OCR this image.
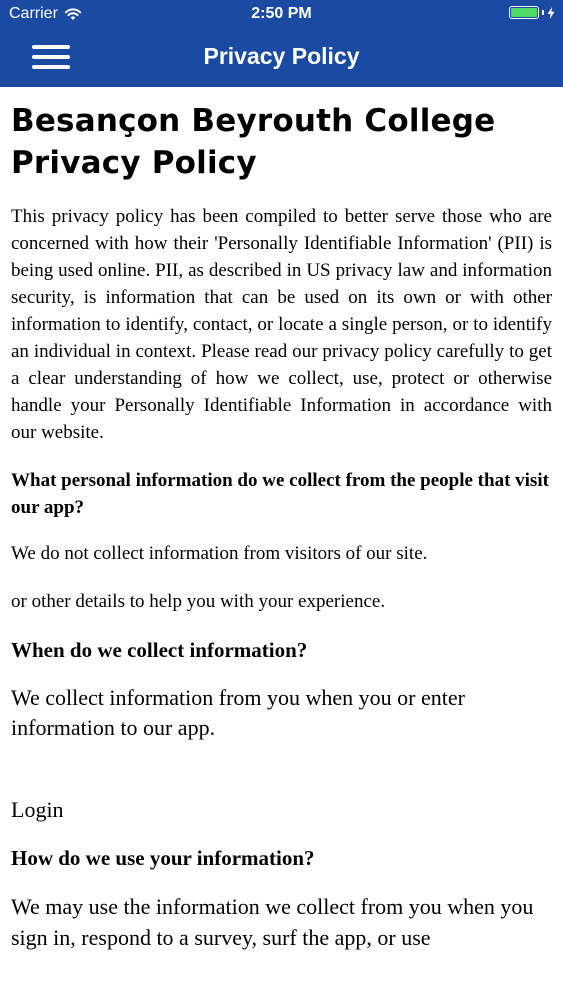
Carrier	2:50 PM
Privacy Policy
Besançon Beyrouth College Privacy Policy

This privacy policy has been compiled to better serve those who are concerned with how their 'Personally Identifiable Information' (PII) is being used online. PII, as described in US privacy law and information security, is information that can be used on its own or with other information to identify, contact, or locate a single person, or to identify an individual in context. Please read our privacy policy carefully to get a clear understanding of how we collect, use, protect or otherwise handle your Personally Identifiable Information in accordance with our website.

What personal information do we collect from the people that visit our app?

We do not collect information from visitors of our site.

or other details to help you with your experience.

When do we collect information?

We collect information from you when you or enter information to our app.

Login

How do we use your information?

We may use the information we collect from you when you sign in, respond to a survey, surf the app, or use
